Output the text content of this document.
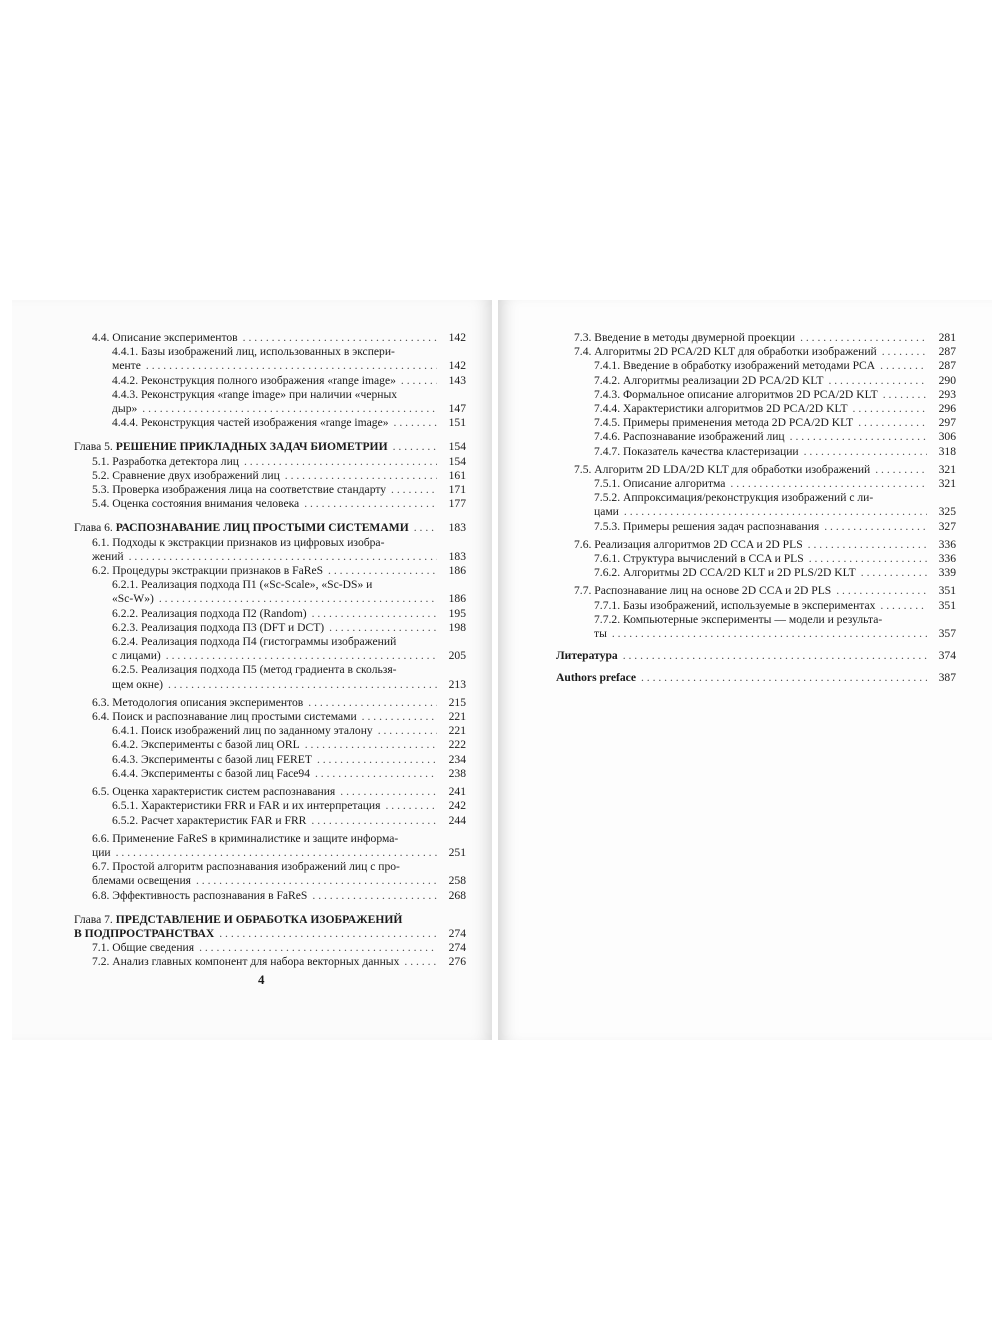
4.4. Описание экспериментов . . .	142
4.4.1. Базы изображений лиц, использованных в экспери-
менте . . .	142
4.4.2. Реконструкция полного изображения «range image» . . .	143
4.4.3. Реконструкция «range image» при наличии «черных
дыр» . . .	147
4.4.4. Реконструкция частей изображения «range image» . . .	151
Глава 5. РЕШЕНИЕ ПРИКЛАДНЫХ ЗАДАЧ БИОМЕТРИИ . . .	154
5.1. Разработка детектора лиц . . .	154
5.2. Сравнение двух изображений лиц . . .	161
5.3. Проверка изображения лица на соответствие стандарту . . .	171
5.4. Оценка состояния внимания человека . . .	177
Глава 6. РАСПОЗНАВАНИЕ ЛИЦ ПРОСТЫМИ СИСТЕМАМИ . . .	183
6.1. Подходы к экстракции признаков из цифровых изобра-
жений . . .	183
6.2. Процедуры экстракции признаков в FaReS . . .	186
6.2.1. Реализация подхода П1 («Sc-Scale», «Sc-DS» и
«Sc-W») . . .	186
6.2.2. Реализация подхода П2 (Random) . . .	195
6.2.3. Реализация подхода П3 (DFT и DCT) . . .	198
6.2.4. Реализация подхода П4 (гистограммы изображений
с лицами) . . .	205
6.2.5. Реализация подхода П5 (метод градиента в скользя-
щем окне) . . .	213
6.3. Методология описания экспериментов . . .	215
6.4. Поиск и распознавание лиц простыми системами . . .	221
6.4.1. Поиск изображений лиц по заданному эталону . . .	221
6.4.2. Эксперименты с базой лиц ORL . . .	222
6.4.3. Эксперименты с базой лиц FERET . . .	234
6.4.4. Эксперименты с базой лиц Face94 . . .	238
6.5. Оценка характеристик систем распознавания . . .	241
6.5.1. Характеристики FRR и FAR и их интерпретация . . .	242
6.5.2. Расчет характеристик FAR и FRR . . .	244
6.6. Применение FaReS в криминалистике и защите информа-
ции . . .	251
6.7. Простой алгоритм распознавания изображений лиц с про-
блемами освещения . . .	258
6.8. Эффективность распознавания в FaReS . . .	268
Глава 7. ПРЕДСТАВЛЕНИЕ И ОБРАБОТКА ИЗОБРАЖЕНИЙ
В ПОДПРОСТРАНСТВАХ . . .	274
7.1. Общие сведения . . .	274
7.2. Анализ главных компонент для набора векторных данных . . .	276
4
7.3. Введение в методы двумерной проекции . . .	281
7.4. Алгоритмы 2D PCA/2D KLT для обработки изображений . . .	287
7.4.1. Введение в обработку изображений методами PCA . . .	287
7.4.2. Алгоритмы реализации 2D PCA/2D KLT . . .	290
7.4.3. Формальное описание алгоритмов 2D PCA/2D KLT . . .	293
7.4.4. Характеристики алгоритмов 2D PCA/2D KLT . . .	296
7.4.5. Примеры применения метода 2D PCA/2D KLT . . .	297
7.4.6. Распознавание изображений лиц . . .	306
7.4.7. Показатель качества кластеризации . . .	318
7.5. Алгоритм 2D LDA/2D KLT для обработки изображений . . .	321
7.5.1. Описание алгоритма . . .	321
7.5.2. Аппроксимация/реконструкция изображений с ли-
цами . . .	325
7.5.3. Примеры решения задач распознавания . . .	327
7.6. Реализация алгоритмов 2D CCA и 2D PLS . . .	336
7.6.1. Структура вычислений в CCA и PLS . . .	336
7.6.2. Алгоритмы 2D CCA/2D KLT и 2D PLS/2D KLT . . .	339
7.7. Распознавание лиц на основе 2D CCA и 2D PLS . . .	351
7.7.1. Базы изображений, используемые в экспериментах . . .	351
7.7.2. Компьютерные эксперименты — модели и результа-
ты . . .	357
Литература . . .	374
Authors preface . . .	387
